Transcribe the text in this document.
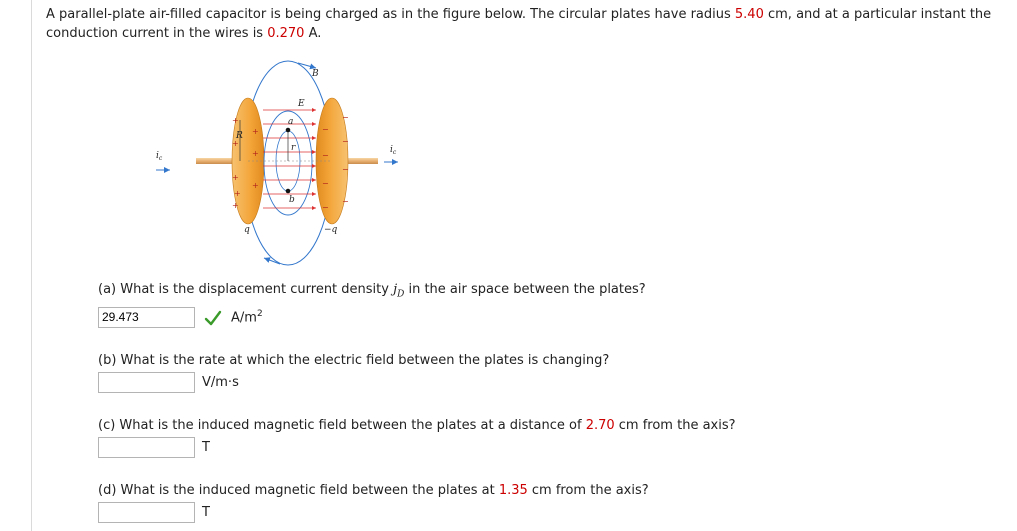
A parallel-plate air-filled capacitor is being charged as in the figure below. The circular plates have radius 5.40 cm, and at a particular instant the conduction current in the wires is 0.270 A.
+
+
+
+
+
+
+
+
−
−
−
−
−
−
−
−
B
E
R
a
b
r
q	−q
$i_c$
$i_c$
(a) What is the displacement current density $j_D$ in the air space between the plates?
29.473	$A/m^2$
(b) What is the rate at which the electric field between the plates is changing?
V/m·s
(c) What is the induced magnetic field between the plates at a distance of 2.70 cm from the axis?
T
(d) What is the induced magnetic field between the plates at 1.35 cm from the axis?
T
